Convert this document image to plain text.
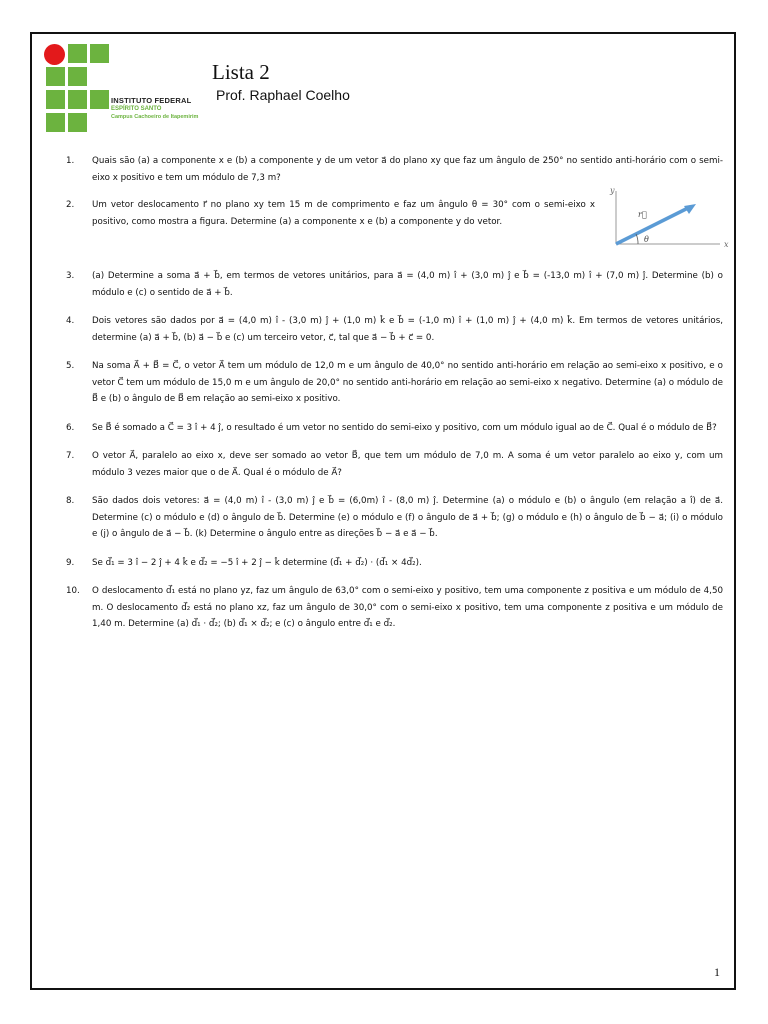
INSTITUTO FEDERAL
ESPÍRITO SANTO
Campus Cachoeiro de Itapemirim
Lista 2
Prof. Raphael Coelho
1. Quais são (a) a componente x e (b) a componente y de um vetor a⃗ do plano xy que faz um ângulo de 250° no sentido anti-horário com o semi-eixo x positivo e tem um módulo de 7,3 m?
2. Um vetor deslocamento r⃗ no plano xy tem 15 m de comprimento e faz um ângulo θ = 30° com o semi-eixo x positivo, como mostra a figura. Determine (a) a componente x e (b) a componente y do vetor.
3. (a) Determine a soma a⃗ + b⃗, em termos de vetores unitários, para a⃗ = (4,0 m) î + (3,0 m) ĵ e b⃗ = (-13,0 m) î + (7,0 m) ĵ. Determine (b) o módulo e (c) o sentido de a⃗ + b⃗.
4. Dois vetores são dados por a⃗ = (4,0 m) î - (3,0 m) ĵ + (1,0 m) k̂ e b⃗ = (-1,0 m) î + (1,0 m) ĵ + (4,0 m) k̂. Em termos de vetores unitários, determine (a) a⃗ + b⃗, (b) a⃗ − b⃗ e (c) um terceiro vetor, c⃗, tal que a⃗ − b⃗ + c⃗ = 0.
5. Na soma A⃗ + B⃗ = C⃗, o vetor A⃗ tem um módulo de 12,0 m e um ângulo de 40,0° no sentido anti-horário em relação ao semi-eixo x positivo, e o vetor C⃗ tem um módulo de 15,0 m e um ângulo de 20,0° no sentido anti-horário em relação ao semi-eixo x negativo. Determine (a) o módulo de B⃗ e (b) o ângulo de B⃗ em relação ao semi-eixo x positivo.
6. Se B⃗ é somado a C⃗ = 3 î + 4 ĵ, o resultado é um vetor no sentido do semi-eixo y positivo, com um módulo igual ao de C⃗. Qual é o módulo de B⃗?
7. O vetor A⃗, paralelo ao eixo x, deve ser somado ao vetor B⃗, que tem um módulo de 7,0 m. A soma é um vetor paralelo ao eixo y, com um módulo 3 vezes maior que o de A⃗. Qual é o módulo de A⃗?
8. São dados dois vetores: a⃗ = (4,0 m) î - (3,0 m) ĵ e b⃗ = (6,0m) î - (8,0 m) ĵ. Determine (a) o módulo e (b) o ângulo (em relação a î) de a⃗. Determine (c) o módulo e (d) o ângulo de b⃗. Determine (e) o módulo e (f) o ângulo de a⃗ + b⃗; (g) o módulo e (h) o ângulo de b⃗ − a⃗; (i) o módulo e (j) o ângulo de a⃗ − b⃗. (k) Determine o ângulo entre as direções b⃗ − a⃗ e a⃗ − b⃗.
9. Se d⃗₁ = 3 î − 2 ĵ + 4 k̂ e d⃗₂ = −5 î + 2 ĵ − k̂ determine (d⃗₁ + d⃗₂) · (d⃗₁ × 4d⃗₂).
10. O deslocamento d⃗₁ está no plano yz, faz um ângulo de 63,0° com o semi-eixo y positivo, tem uma componente z positiva e um módulo de 4,50 m. O deslocamento d⃗₂ está no plano xz, faz um ângulo de 30,0° com o semi-eixo x positivo, tem uma componente z positiva e um módulo de 1,40 m. Determine (a) d⃗₁ · d⃗₂; (b) d⃗₁ × d⃗₂; e (c) o ângulo entre d⃗₁ e d⃗₂.
y
x
r⃗
θ
1
